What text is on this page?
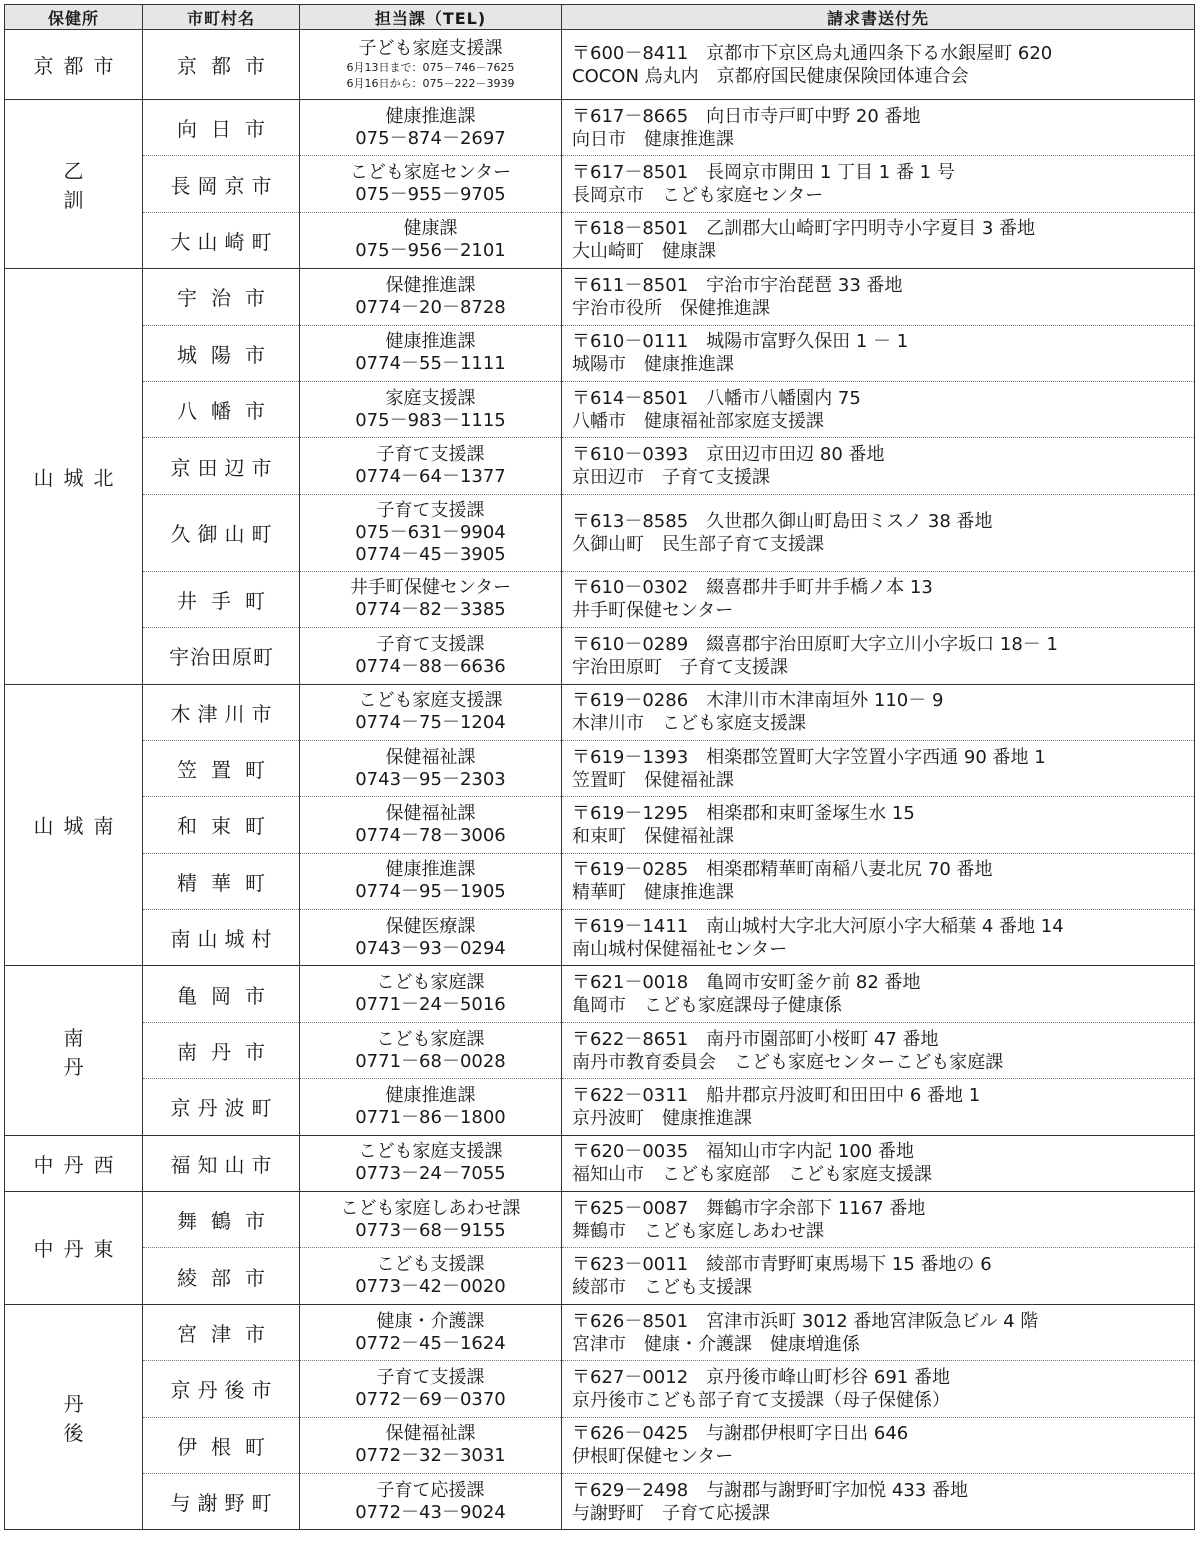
保健所	市町村名	担当課（TEL)	請求書送付先
京都市	京都市	子ども家庭支援課
6月13日まで：075－746－7625
6月16日から：075－222－3939	〒600－8411　京都市下京区烏丸通四条下る水銀屋町 620
COCON 烏丸内　京都府国民健康保険団体連合会

乙　訓	向日市	健康推進課
075－874－2697	〒617－8665　向日市寺戸町中野 20 番地
向日市　健康推進課

	長岡京市	こども家庭センター
075－955－9705	〒617－8501　長岡京市開田 1 丁目 1 番 1 号
長岡京市　こども家庭センター

	大山崎町	健康課
075－956－2101	〒618－8501　乙訓郡大山崎町字円明寺小字夏目 3 番地
大山崎町　健康課

山城北	宇治市	保健推進課
0774－20－8728	〒611－8501　宇治市宇治琵琶 33 番地
宇治市役所　保健推進課

	城陽市	健康推進課
0774－55－1111	〒610－0111　城陽市富野久保田 1 － 1
城陽市　健康推進課

	八幡市	家庭支援課
075－983－1115	〒614－8501　八幡市八幡園内 75
八幡市　健康福祉部家庭支援課

	京田辺市	子育て支援課
0774－64－1377	〒610－0393　京田辺市田辺 80 番地
京田辺市　子育て支援課

	久御山町	子育て支援課
075－631－9904
0774－45－3905	〒613－8585　久世郡久御山町島田ミスノ 38 番地
久御山町　民生部子育て支援課

	井手町	井手町保健センター
0774－82－3385	〒610－0302　綴喜郡井手町井手橋ノ本 13
井手町保健センター

	宇治田原町	子育て支援課
0774－88－6636	〒610－0289　綴喜郡宇治田原町大字立川小字坂口 18－ 1
宇治田原町　子育て支援課

山城南	木津川市	こども家庭支援課
0774－75－1204	〒619－0286　木津川市木津南垣外 110－ 9
木津川市　こども家庭支援課

	笠置町	保健福祉課
0743－95－2303	〒619－1393　相楽郡笠置町大字笠置小字西通 90 番地 1
笠置町　保健福祉課

	和束町	保健福祉課
0774－78－3006	〒619－1295　相楽郡和束町釜塚生水 15
和束町　保健福祉課

	精華町	健康推進課
0774－95－1905	〒619－0285　相楽郡精華町南稲八妻北尻 70 番地
精華町　健康推進課

	南山城村	保健医療課
0743－93－0294	〒619－1411　南山城村大字北大河原小字大稲葉 4 番地 14
南山城村保健福祉センター

南　丹	亀岡市	こども家庭課
0771－24－5016	〒621－0018　亀岡市安町釜ケ前 82 番地
亀岡市　こども家庭課母子健康係

	南丹市	こども家庭課
0771－68－0028	〒622－8651　南丹市園部町小桜町 47 番地
南丹市教育委員会　こども家庭センターこども家庭課

	京丹波町	健康推進課
0771－86－1800	〒622－0311　船井郡京丹波町和田田中 6 番地 1
京丹波町　健康推進課

中丹西	福知山市	こども家庭支援課
0773－24－7055	〒620－0035　福知山市字内記 100 番地
福知山市　こども家庭部　こども家庭支援課

中丹東	舞鶴市	こども家庭しあわせ課
0773－68－9155	〒625－0087　舞鶴市字余部下 1167 番地
舞鶴市　こども家庭しあわせ課

	綾部市	こども支援課
0773－42－0020	〒623－0011　綾部市青野町東馬場下 15 番地の 6
綾部市　こども支援課

丹　後	宮津市	健康・介護課
0772－45－1624	〒626－8501　宮津市浜町 3012 番地宮津阪急ビル 4 階
宮津市　健康・介護課　健康増進係

	京丹後市	子育て支援課
0772－69－0370	〒627－0012　京丹後市峰山町杉谷 691 番地
京丹後市こども部子育て支援課（母子保健係）

	伊根町	保健福祉課
0772－32－3031	〒626－0425　与謝郡伊根町字日出 646
伊根町保健センター

	与謝野町	子育て応援課
0772－43－9024	〒629－2498　与謝郡与謝野町字加悦 433 番地
与謝野町　子育て応援課
